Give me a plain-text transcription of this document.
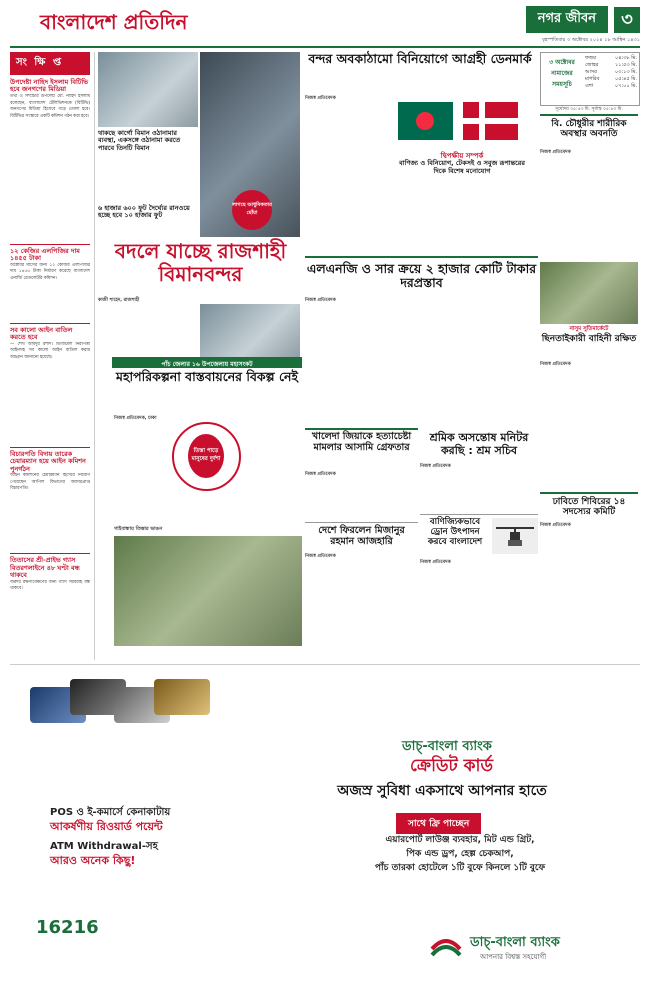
বাংলাদেশ প্রতিদিন	নগর জীবন	৩
বৃহস্পতিবার ৩ অক্টোবর ২০২৪ ১৮ আশ্বিন ১৪৩১
সং ক্ষি প্ত
উপদেষ্টা নাহিদ ইসলাম বিটিভি হবে জনগণের মিডিয়া
তথ্য ও সম্প্রচার উপদেষ্টা মো. নাহিদ ইসলাম বলেছেন, বাংলাদেশ টেলিভিশনকে (বিটিভি) জনগণের মিডিয়া হিসেবে গড়ে তোলা হবে। বিটিভির সংস্কারে একটি কমিশন গঠন করা হবে।
১২ কেজির এলপিজির দাম ১৪৫৫ টাকা
অক্টোবর মাসের জন্য ১২ কেজির এলপিজির দাম ১৪৫৫ টাকা নির্ধারণ করেছে বাংলাদেশ এনার্জি রেগুলেটরি কমিশন।
সব কালো আইন বাতিল করতে হবে
— শেখ আবদুর রশীদ। ডিজিটাল নিরাপত্তা আইনসহ সব কালো আইন বাতিল করার আহ্বান জানানো হয়েছে।
বিচারপতি বিদায় তারেক চেয়ারম্যান হয়ে আইন কমিশন পুনর্গঠন
আইন কমিশনের চেয়ারম্যান হিসেবে নিয়োগ পেয়েছেন আপিল বিভাগের অবসরপ্রাপ্ত বিচারপতি।
তিতাসের শ্রী-প্রাইভ গ্যাস বিতরণলাইনে ৪৮ ঘণ্টা বন্ধ থাকবে
জরুরি রক্ষণাবেক্ষণের জন্য গ্যাস সরবরাহ বন্ধ থাকবে।
থাকছে কার্গো বিমান ওঠানামার ব্যবস্থা, একসঙ্গে ওঠানামা করতে পারবে তিনটি বিমান
৬ হাজার ৬০০ ফুট দৈর্ঘ্যের রানওয়ে হচ্ছে হবে ১০ হাজার ফুট
লাগছে আধুনিকতার ছোঁয়া
বদলে যাচ্ছে রাজশাহী বিমানবন্দর
কাজী শাহেদ, রাজশাহী
বন্দর অবকাঠামো বিনিয়োগে আগ্রহী ডেনমার্ক
নিজস্ব প্রতিবেদক
দ্বিপক্ষীয় সম্পর্ক
বাণিজ্য ও বিনিয়োগ, টেকসই ও সবুজ রূপান্তরের দিকে বিশেষ মনোযোগ
৩ অক্টোবর
নামাজের সময়সূচি
ফজর	০৪:৩৮ মি.
জোহর	১১:৫৩ মি.
আসর	০৩:১৩ মি.
মাগরিব	০৫:৪৫ মি.
এশা	০৭:০০ মি.
সূর্যোদয় ০৫:৫৩ মি. সূর্যাস্ত ০৫:৪৩ মি.
বি. চৌধুরীর শারীরিক অবস্থার অবনতি
নিজস্ব প্রতিবেদক
এলএনজি ও সার ক্রয়ে ২ হাজার কোটি টাকার দরপ্রস্তাব
নিজস্ব প্রতিবেদক
নাসুম সুতিমার্কেটে
ছিনতাইকারী বাহিনী রক্ষিত
নিজস্ব প্রতিবেদক
ঢাবিতে শিবিরের ১৪ সদস্যের কমিটি
নিজস্ব প্রতিবেদক
পাঁচ জেলার ১৬ উপজেলায় মহাসংকট
মহাপরিকল্পনা বাস্তবায়নের বিকল্প নেই
নিজস্ব প্রতিবেদক, ঢাকা
তিস্তা পাড়ে মানুষের দুর্দশা
গাইবান্ধায় তিস্তার ভাঙন
খালেদা জিয়াকে হত্যাচেষ্টা মামলার আসামি গ্রেফতার
নিজস্ব প্রতিবেদক
দেশে ফিরলেন মিজানুর রহমান আজহারি
নিজস্ব প্রতিবেদক
শ্রমিক অসন্তোষ মনিটর করছি : শ্রম সচিব
নিজস্ব প্রতিবেদক
বাণিজ্যিকভাবে ড্রোন উৎপাদন করবে বাংলাদেশ
নিজস্ব প্রতিবেদক
ডাচ্-বাংলা ব্যাংক
ক্রেডিট কার্ড
অজস্র সুবিধা একসাথে আপনার হাতে
সাথে ফ্রি পাচ্ছেন
এয়ারপোর্ট লাউঞ্জ ব্যবহার, মিট এন্ড গ্রিট,
পিক এন্ড ড্রপ, হেল্প চেকআপ,
পাঁচ তারকা হোটেলে ১টি বুফে কিনলে ১টি বুফে
POS ও ই-কমার্সে কেনাকাটায়
আকর্ষণীয় রিওয়ার্ড পয়েন্ট
ATM Withdrawal-সহ
আরও অনেক কিছু!
16216
ডাচ্-বাংলা ব্যাংক
আপনার বিশ্বস্ত সহযোগী
